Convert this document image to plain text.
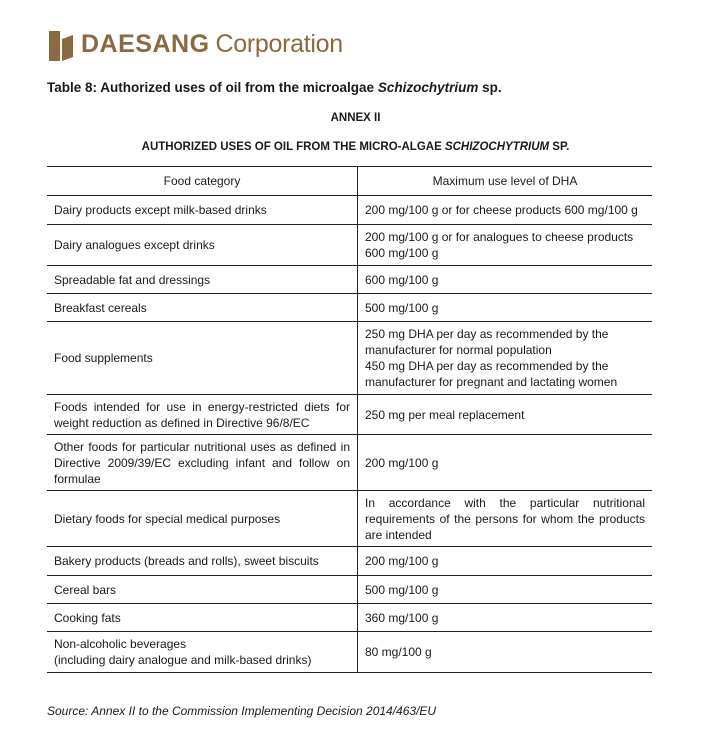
DAESANG Corporation
Table 8: Authorized uses of oil from the microalgae Schizochytrium sp.
ANNEX II
AUTHORIZED USES OF OIL FROM THE MICRO-ALGAE SCHIZOCHYTRIUM SP.
Food category	Maximum use level of DHA
Dairy products except milk-based drinks	200 mg/100 g or for cheese products 600 mg/100 g
Dairy analogues except drinks	200 mg/100 g or for analogues to cheese products 600 mg/100 g
Spreadable fat and dressings	600 mg/100 g
Breakfast cereals	500 mg/100 g
Food supplements	250 mg DHA per day as recommended by the manufacturer for normal population
450 mg DHA per day as recommended by the manufacturer for pregnant and lactating women
Foods intended for use in energy-restricted diets for weight reduction as defined in Directive 96/8/EC	250 mg per meal replacement
Other foods for particular nutritional uses as defined in Directive 2009/39/EC excluding infant and follow on formulae	200 mg/100 g
Dietary foods for special medical purposes	In accordance with the particular nutritional requirements of the persons for whom the products are intended
Bakery products (breads and rolls), sweet biscuits	200 mg/100 g
Cereal bars	500 mg/100 g
Cooking fats	360 mg/100 g
Non-alcoholic beverages
(including dairy analogue and milk-based drinks)	80 mg/100 g
Source: Annex II to the Commission Implementing Decision 2014/463/EU
